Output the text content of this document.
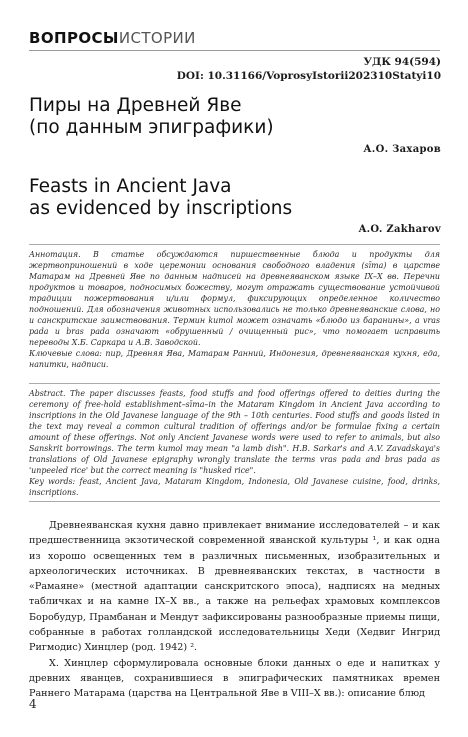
ВОПРОСЫИСТОРИИ
УДК 94(594)
DOI: 10.31166/VoprosyIstorii202310Statyi10
Пиры на Древней Яве
(по данным эпиграфики)
А.О. Захаров
Feasts in Ancient Java
as evidenced by inscriptions
A.O. Zakharov

Аннотация. В статье обсуждаются пиршественные блюда и продукты для жертвоприношений в ходе церемонии основания свободного владения (sīma) в царстве Матарам на Древней Яве по данным надписей на древнеяванском языке IX–X вв. Перечни продуктов и товаров, подносимых божеству, могут отражать существование устойчивой традиции пожертвования и/или формул, фиксирующих определенное количество подношений. Для обозначения животных использовались не только древнеяванские слова, но и санскритские заимствования. Термин kumol может означать «блюдо из баранины», а vras pada и bras pada означают «обрушенный / очищенный рис», что помогает исправить переводы Х.Б. Саркара и А.В. Заводской.

Ключевые слова: пир, Древняя Ява, Матарам Ранний, Индонезия, древнеяванская кухня, еда, напитки, надписи.

Abstract. The paper discusses feasts, food stuffs and food offerings offered to deities during the ceremony of free-hold establishment–sīma–in the Mataram Kingdom in Ancient Java according to inscriptions in the Old Javanese language of the 9th – 10th centuries. Food stuffs and goods listed in the text may reveal a common cultural tradition of offerings and/or be formulae fixing a certain amount of these offerings. Not only Ancient Javanese words were used to refer to animals, but also Sanskrit borrowings. The term kumol may mean "a lamb dish". H.B. Sarkar's and A.V. Zavadskaya's translations of Old Javanese epigraphy wrongly translate the terms vras pada and bras pada as 'unpeeled rice' but the correct meaning is "husked rice".

Key words: feast, Ancient Java, Mataram Kingdom, Indonesia, Old Javanese cuisine, food, drinks, inscriptions.

Древнеяванская кухня давно привлекает внимание исследователей – и как предшественница экзотической современной яванской культуры ¹, и как одна из хорошо освещенных тем в различных письменных, изобразительных и археологических источниках. В древнеяванских текстах, в частности в «Рамаяне» (местной адаптации санскритского эпоса), надписях на медных табличках и на камне IX–X вв., а также на рельефах храмовых комплексов Боробудур, Прамбанан и Мендут зафиксированы разнообразные приемы пищи, собранные в работах голландской исследовательницы Хеди (Хедвиг Ингрид Ригмодис) Хинцлер (род. 1942) ².

Х. Хинцлер сформулировала основные блоки данных о еде и напитках у древних яванцев, сохранившиеся в эпиграфических памятниках времен Раннего Матарама (царства на Центральной Яве в VIII–X вв.): описание блюд

4
